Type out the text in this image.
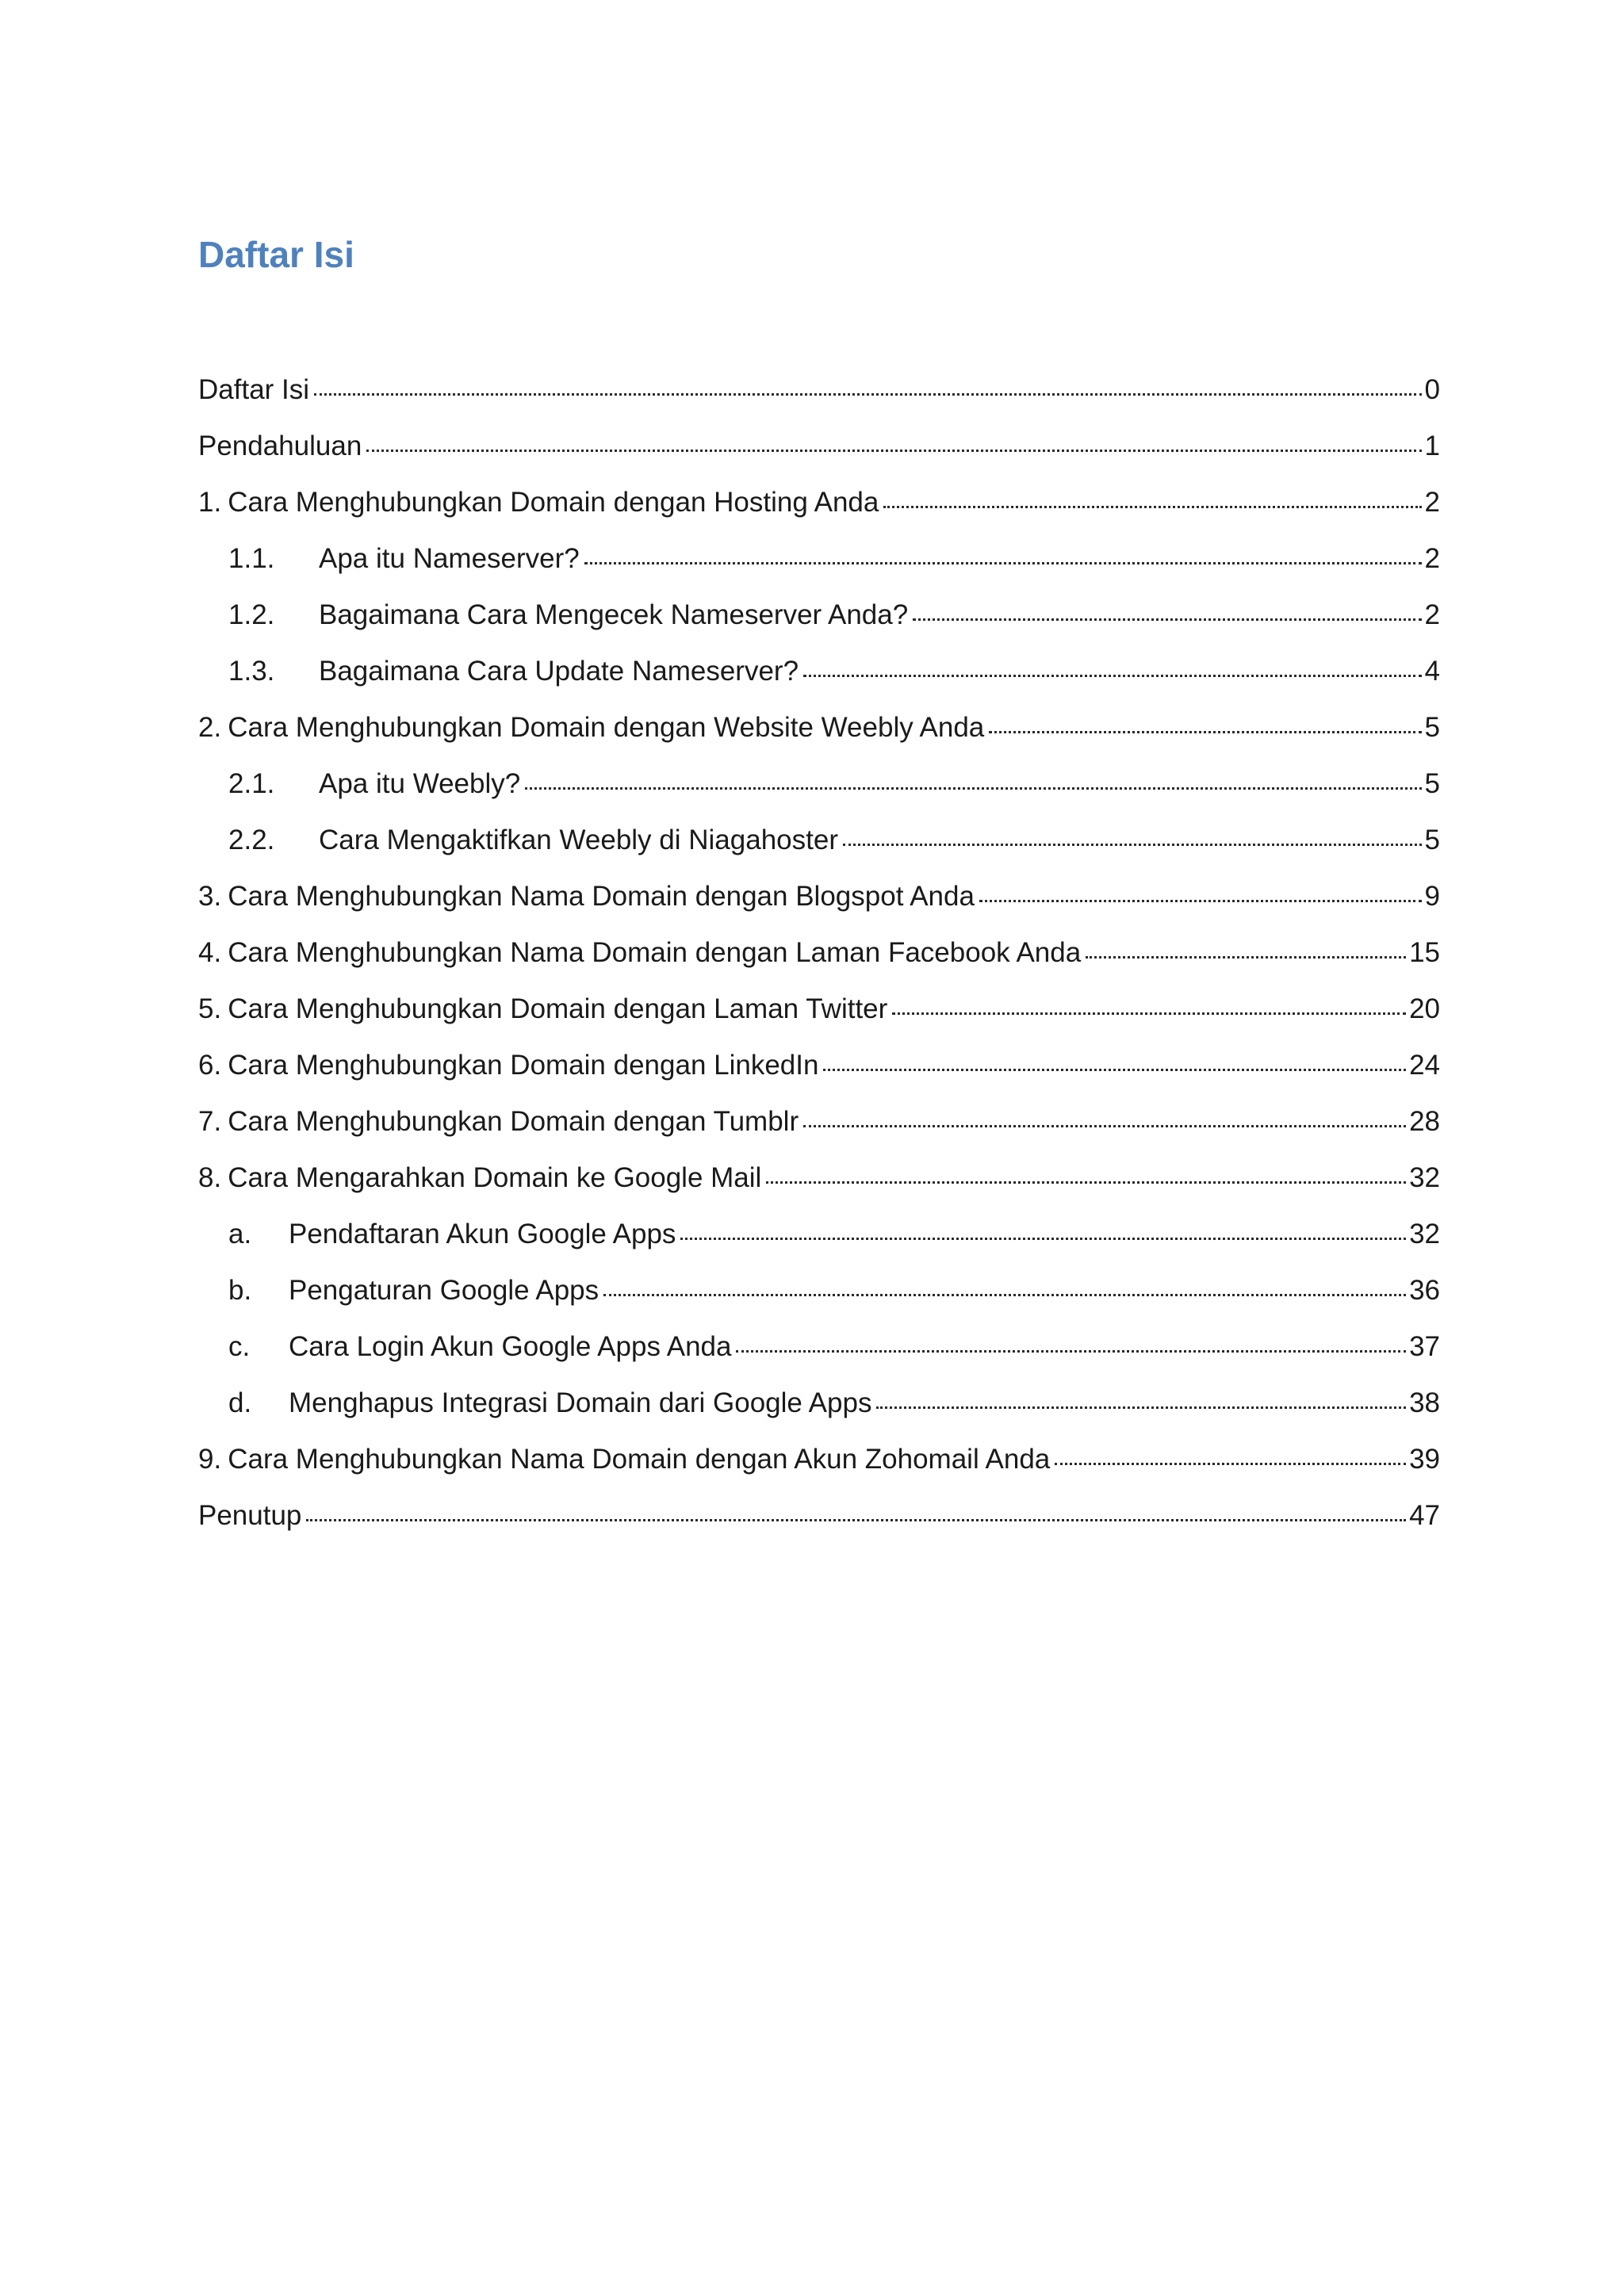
Daftar Isi
Daftar Isi	0
Pendahuluan	1
1. Cara Menghubungkan Domain dengan Hosting Anda	2
1.1.	Apa itu Nameserver?	2
1.2.	Bagaimana Cara Mengecek Nameserver Anda?	2
1.3.	Bagaimana Cara Update Nameserver?	4
2. Cara Menghubungkan Domain dengan Website Weebly Anda	5
2.1.	Apa itu Weebly?	5
2.2.	Cara Mengaktifkan Weebly di Niagahoster	5
3. Cara Menghubungkan Nama Domain dengan Blogspot Anda	9
4. Cara Menghubungkan Nama Domain dengan Laman Facebook Anda	15
5. Cara Menghubungkan Domain dengan Laman Twitter	20
6. Cara Menghubungkan Domain dengan LinkedIn	24
7. Cara Menghubungkan Domain dengan Tumblr	28
8. Cara Mengarahkan Domain ke Google Mail	32
a.	Pendaftaran Akun Google Apps	32
b.	Pengaturan Google Apps	36
c.	Cara Login Akun Google Apps Anda	37
d.	Menghapus Integrasi Domain dari Google Apps	38
9. Cara Menghubungkan Nama Domain dengan Akun Zohomail Anda	39
Penutup	47
